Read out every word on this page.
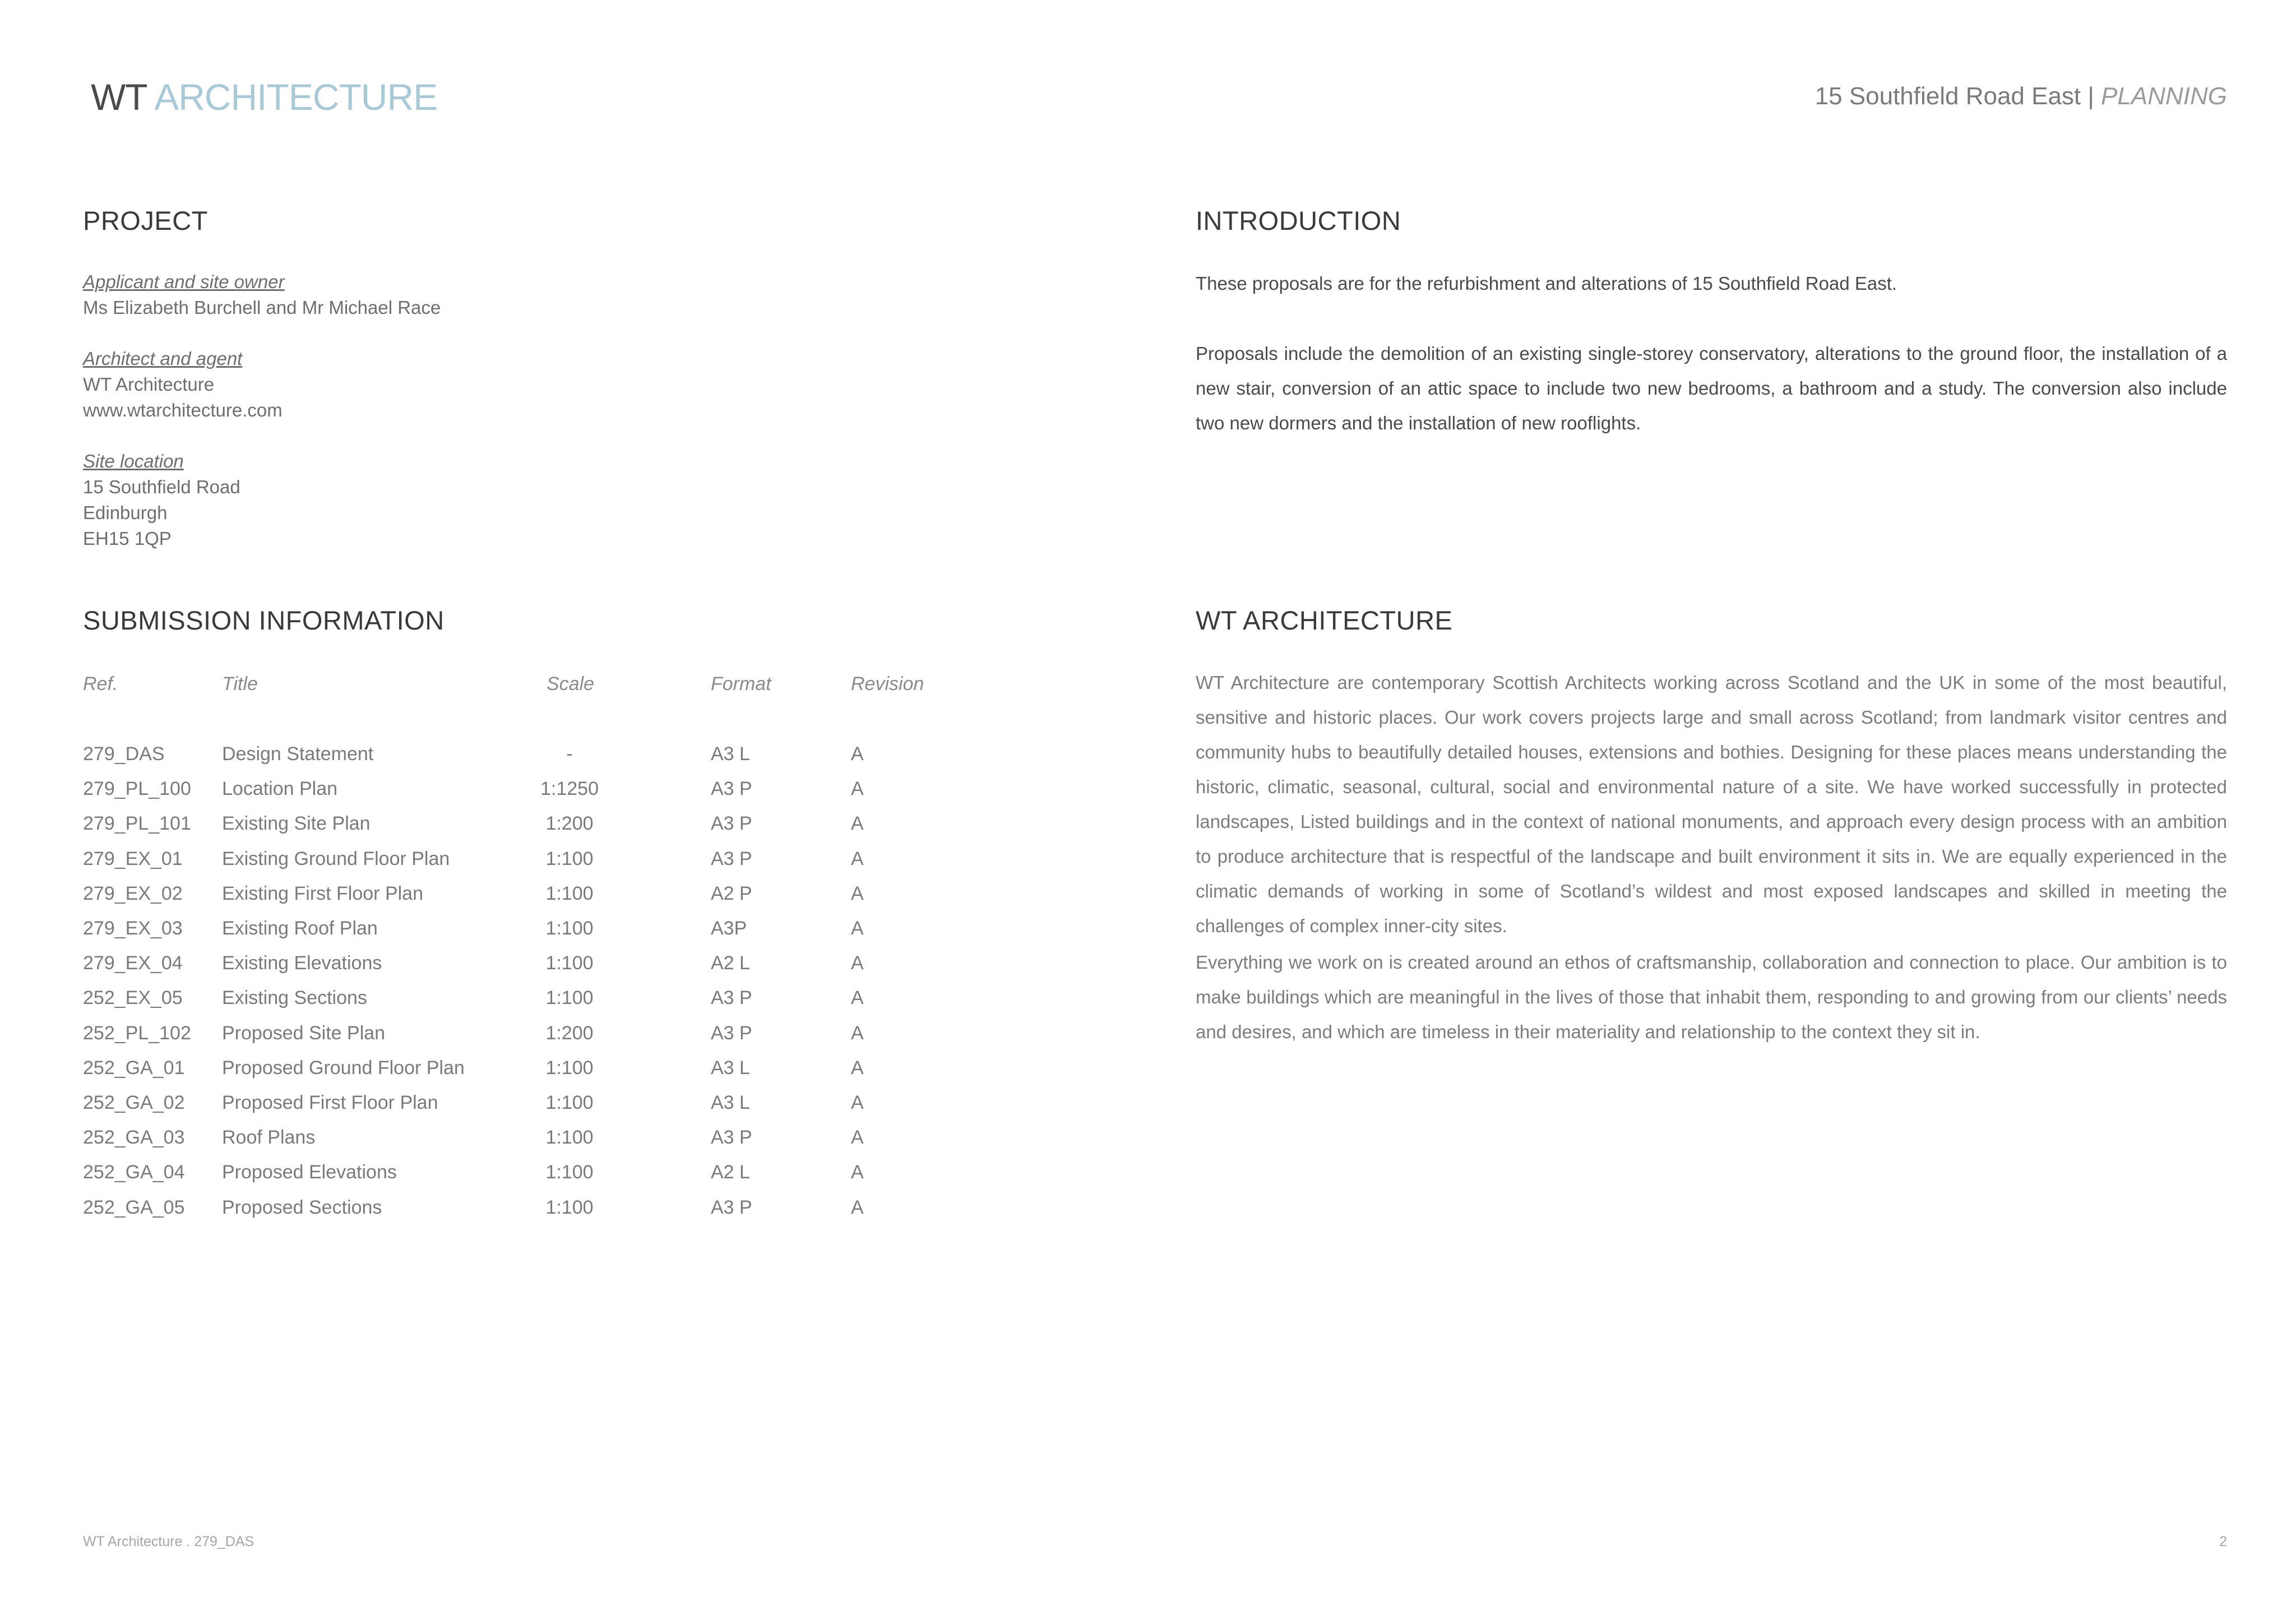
WT ARCHITECTURE	15 Southfield Road East | PLANNING
PROJECT
Applicant and site owner
Ms Elizabeth Burchell and Mr Michael Race
Architect and agent
WT Architecture
www.wtarchitecture.com
Site location
15 Southfield Road
Edinburgh
EH15 1QP
INTRODUCTION
These proposals are for the refurbishment and alterations of 15 Southfield Road East.
Proposals include the demolition of an existing single-storey conservatory, alterations to the ground floor, the installation of a new stair, conversion of an attic space to include two new bedrooms, a bathroom and a study. The conversion also include two new dormers and the installation of new rooflights.
SUBMISSION INFORMATION
Ref.	Title	Scale	Format	Revision
279_DAS	Design Statement	-	A3 L	A
279_PL_100 Location Plan	1:1250	A3 P	A
279_PL_101 Existing Site Plan	1:200	A3 P	A
279_EX_01 Existing Ground Floor Plan	1:100	A3 P	A
279_EX_02 Existing First Floor Plan	1:100	A2 P	A
279_EX_03 Existing Roof Plan	1:100	A3P	A
279_EX_04 Existing Elevations	1:100	A2 L	A
252_EX_05 Existing Sections	1:100	A3 P	A
252_PL_102 Proposed Site Plan	1:200	A3 P	A
252_GA_01 Proposed Ground Floor Plan	1:100	A3 L	A
252_GA_02 Proposed First Floor Plan	1:100	A3 L	A
252_GA_03 Roof Plans	1:100	A3 P	A
252_GA_04 Proposed Elevations	1:100	A2 L	A
252_GA_05 Proposed Sections	1:100	A3 P	A
WT ARCHITECTURE
WT Architecture are contemporary Scottish Architects working across Scotland and the UK in some of the most beautiful, sensitive and historic places. Our work covers projects large and small across Scotland; from landmark visitor centres and community hubs to beautifully detailed houses, extensions and bothies. Designing for these places means understanding the historic, climatic, seasonal, cultural, social and environmental nature of a site. We have worked successfully in protected landscapes, Listed buildings and in the context of national monuments, and approach every design process with an ambition to produce architecture that is respectful of the landscape and built environment it sits in. We are equally experienced in the climatic demands of working in some of Scotland’s wildest and most exposed landscapes and skilled in meeting the challenges of complex inner-city sites.
Everything we work on is created around an ethos of craftsmanship, collaboration and connection to place. Our ambition is to make buildings which are meaningful in the lives of those that inhabit them, responding to and growing from our clients’ needs and desires, and which are timeless in their materiality and relationship to the context they sit in.
WT Architecture . 279_DAS	2
